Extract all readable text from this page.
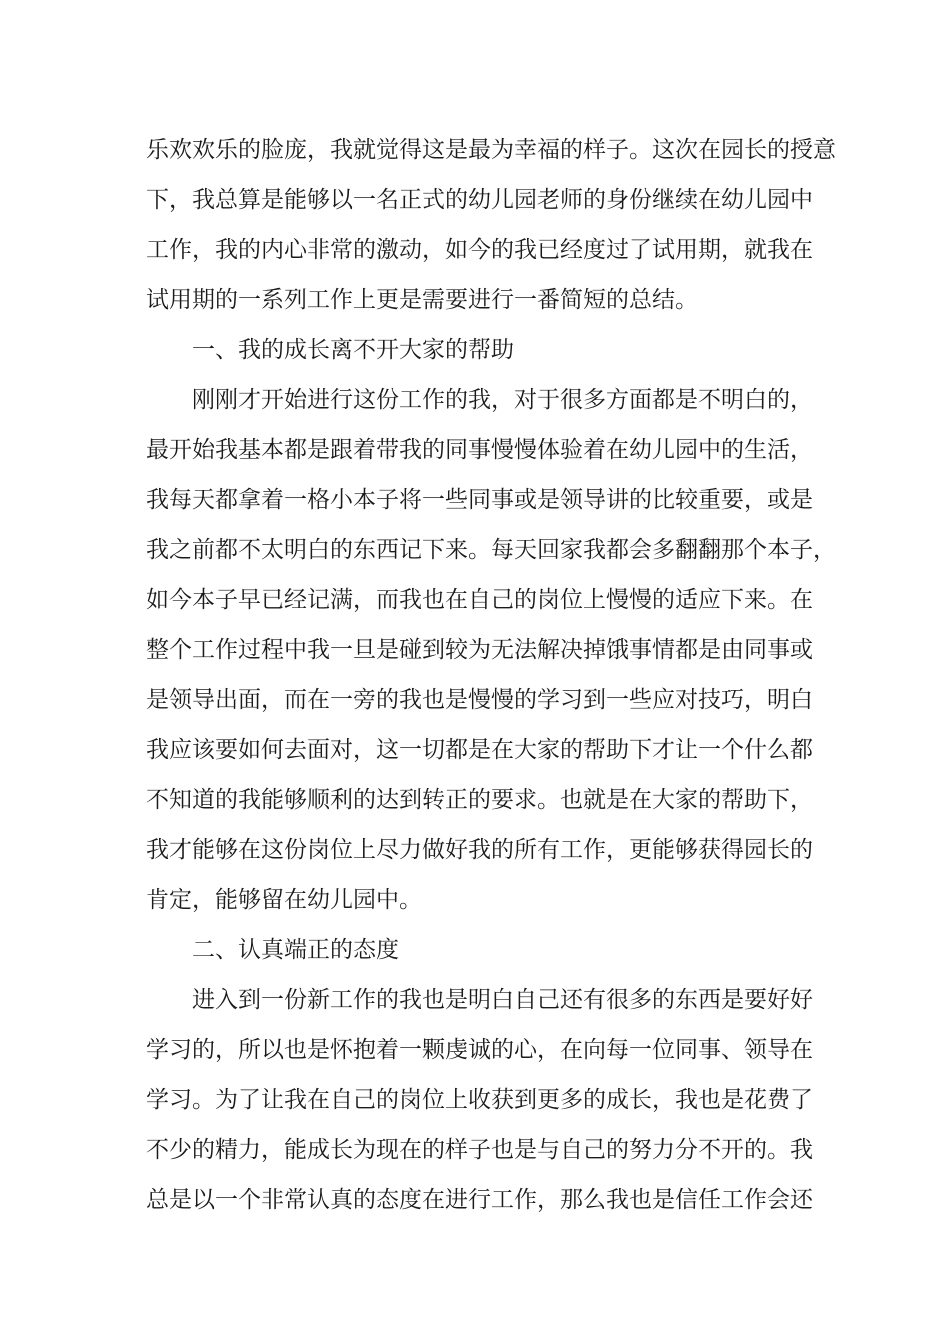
乐欢欢乐的脸庞，我就觉得这是最为幸福的样子。这次在园长的授意
下，我总算是能够以一名正式的幼儿园老师的身份继续在幼儿园中
工作，我的内心非常的激动，如今的我已经度过了试用期，就我在
试用期的一系列工作上更是需要进行一番简短的总结。
一、我的成长离不开大家的帮助
刚刚才开始进行这份工作的我，对于很多方面都是不明白的，
最开始我基本都是跟着带我的同事慢慢体验着在幼儿园中的生活，
我每天都拿着一格小本子将一些同事或是领导讲的比较重要，或是
我之前都不太明白的东西记下来。每天回家我都会多翻翻那个本子，
如今本子早已经记满，而我也在自己的岗位上慢慢的适应下来。在
整个工作过程中我一旦是碰到较为无法解决掉饿事情都是由同事或
是领导出面，而在一旁的我也是慢慢的学习到一些应对技巧，明白
我应该要如何去面对，这一切都是在大家的帮助下才让一个什么都
不知道的我能够顺利的达到转正的要求。也就是在大家的帮助下，
我才能够在这份岗位上尽力做好我的所有工作，更能够获得园长的
肯定，能够留在幼儿园中。
二、认真端正的态度
进入到一份新工作的我也是明白自己还有很多的东西是要好好
学习的，所以也是怀抱着一颗虔诚的心，在向每一位同事、领导在
学习。为了让我在自己的岗位上收获到更多的成长，我也是花费了
不少的精力，能成长为现在的样子也是与自己的努力分不开的。我
总是以一个非常认真的态度在进行工作，那么我也是信任工作会还
